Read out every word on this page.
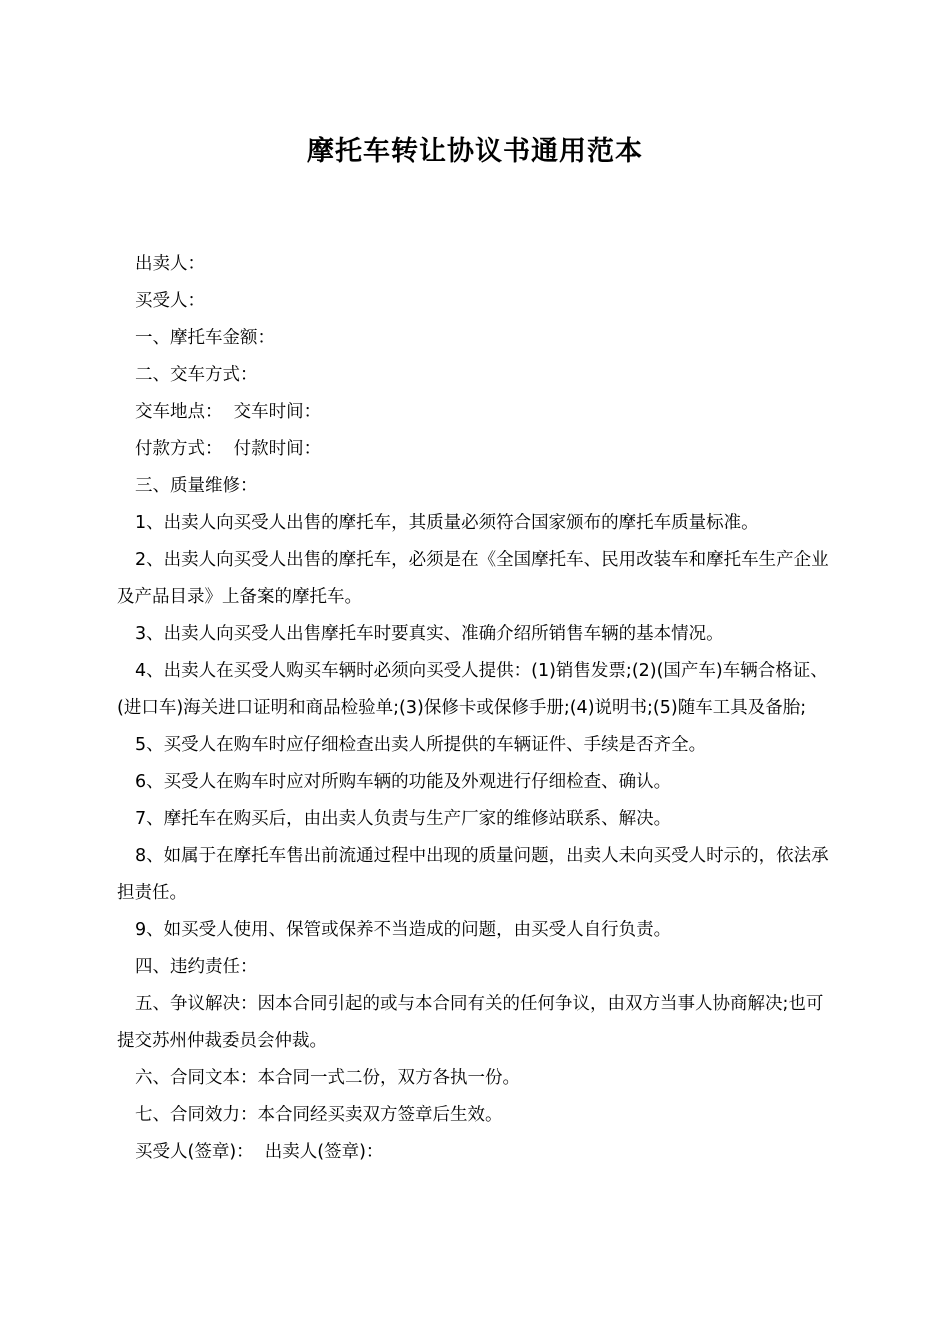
摩托车转让协议书通用范本

出卖人：

买受人：

一、摩托车金额：

二、交车方式：

交车地点：  交车时间：

付款方式：  付款时间：

三、质量维修：

1、出卖人向买受人出售的摩托车，其质量必须符合国家颁布的摩托车质量标准。

2、出卖人向买受人出售的摩托车，必须是在《全国摩托车、民用改装车和摩托车生产企业及产品目录》上备案的摩托车。

3、出卖人向买受人出售摩托车时要真实、准确介绍所销售车辆的基本情况。

4、出卖人在买受人购买车辆时必须向买受人提供：(1)销售发票;(2)(国产车)车辆合格证、(进口车)海关进口证明和商品检验单;(3)保修卡或保修手册;(4)说明书;(5)随车工具及备胎;

5、买受人在购车时应仔细检查出卖人所提供的车辆证件、手续是否齐全。

6、买受人在购车时应对所购车辆的功能及外观进行仔细检查、确认。

7、摩托车在购买后，由出卖人负责与生产厂家的维修站联系、解决。

8、如属于在摩托车售出前流通过程中出现的质量问题，出卖人未向买受人时示的，依法承担责任。

9、如买受人使用、保管或保养不当造成的问题，由买受人自行负责。

四、违约责任：

五、争议解决：因本合同引起的或与本合同有关的任何争议，由双方当事人协商解决;也可提交苏州仲裁委员会仲裁。

六、合同文本：本合同一式二份，双方各执一份。

七、合同效力：本合同经买卖双方签章后生效。

买受人(签章)：  出卖人(签章)：
